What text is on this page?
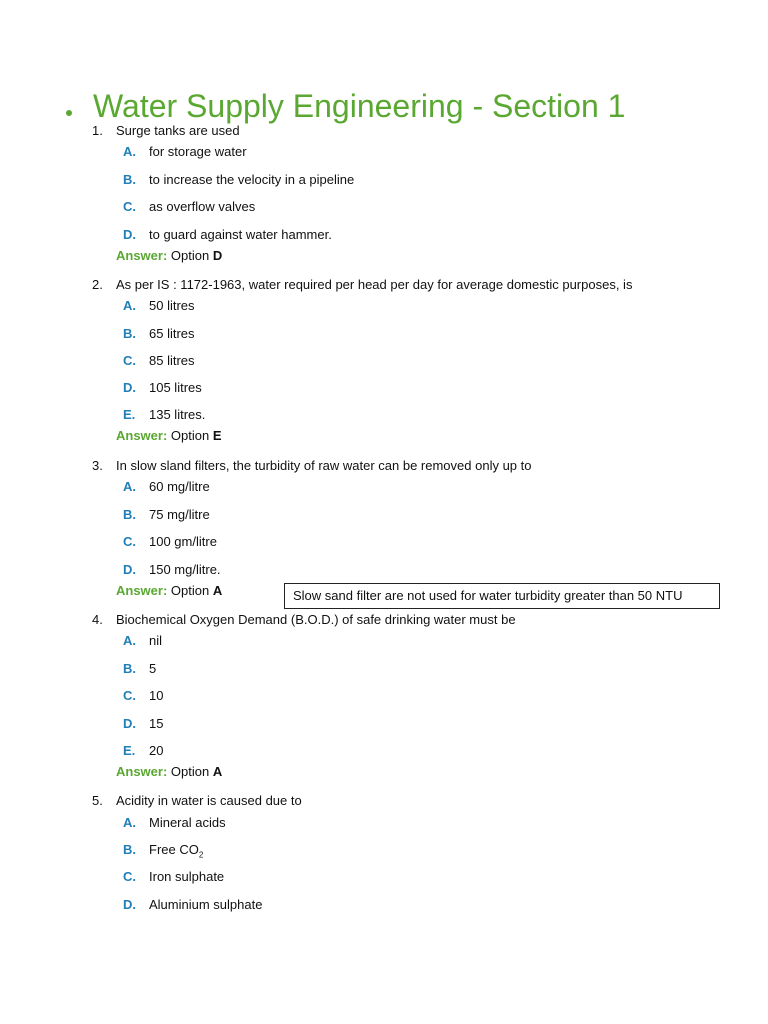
Water Supply Engineering - Section 1
1. Surge tanks are used
A. for storage water
B. to increase the velocity in a pipeline
C. as overflow valves
D. to guard against water hammer.
Answer: Option D
2. As per IS : 1172-1963, water required per head per day for average domestic purposes, is
A. 50 litres
B. 65 litres
C. 85 litres
D. 105 litres
E. 135 litres.
Answer: Option E
3. In slow sland filters, the turbidity of raw water can be removed only up to
A. 60 mg/litre
B. 75 mg/litre
C. 100 gm/litre
D. 150 mg/litre.
Answer: Option A	Slow sand filter are not used for water turbidity greater than 50 NTU
4. Biochemical Oxygen Demand (B.O.D.) of safe drinking water must be
A. nil
B. 5
C. 10
D. 15
E. 20
Answer: Option A
5. Acidity in water is caused due to
A. Mineral acids
B. Free $CO_2$
C. Iron sulphate
D. Aluminium sulphate
